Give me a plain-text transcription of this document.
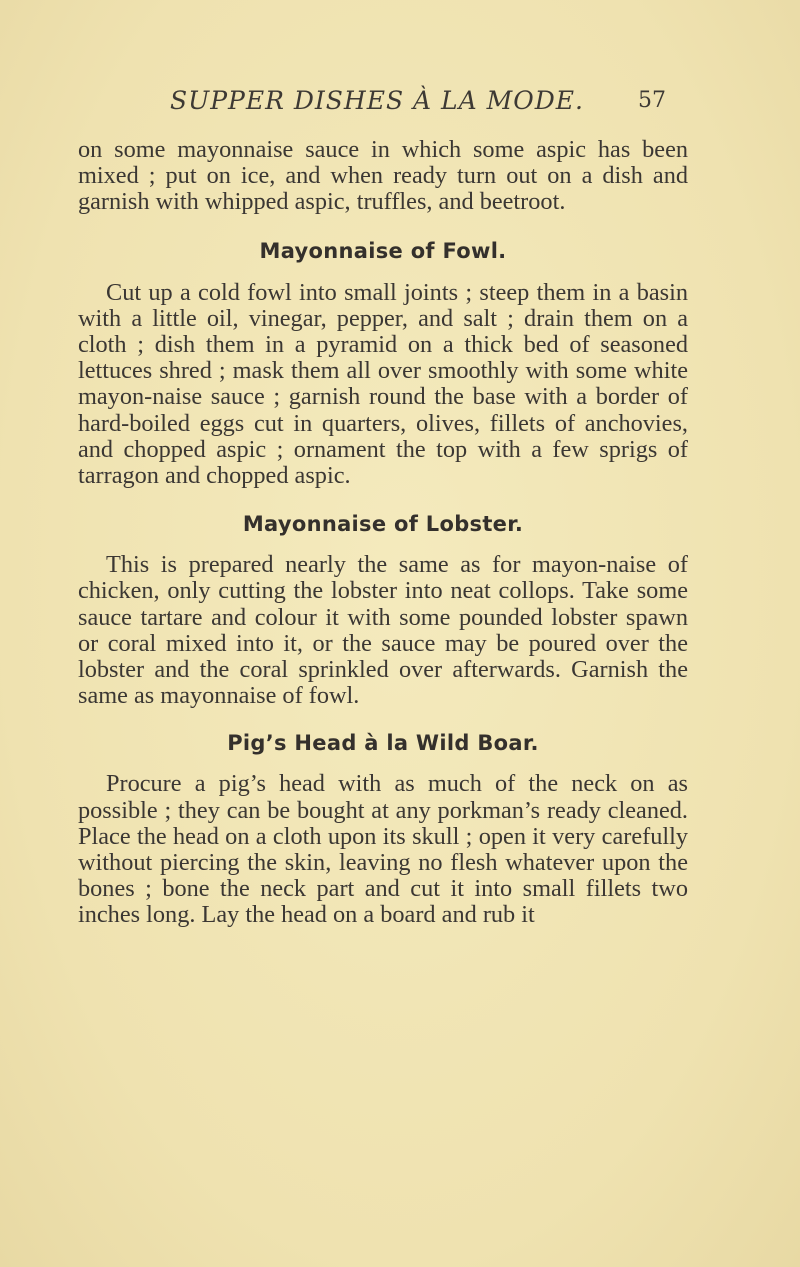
SUPPER DISHES À LA MODE. 57

on some mayonnaise sauce in which some aspic has been mixed ; put on ice, and when ready turn out on a dish and garnish with whipped aspic, truffles, and beetroot.

Mayonnaise of Fowl.

Cut up a cold fowl into small joints ; steep them in a basin with a little oil, vinegar, pepper, and salt ; drain them on a cloth ; dish them in a pyramid on a thick bed of seasoned lettuces shred ; mask them all over smoothly with some white mayon-naise sauce ; garnish round the base with a border of hard-boiled eggs cut in quarters, olives, fillets of anchovies, and chopped aspic ; ornament the top with a few sprigs of tarragon and chopped aspic.

Mayonnaise of Lobster.

This is prepared nearly the same as for mayon-naise of chicken, only cutting the lobster into neat collops. Take some sauce tartare and colour it with some pounded lobster spawn or coral mixed into it, or the sauce may be poured over the lobster and the coral sprinkled over afterwards. Garnish the same as mayonnaise of fowl.

Pig’s Head à la Wild Boar.

Procure a pig’s head with as much of the neck on as possible ; they can be bought at any porkman’s ready cleaned. Place the head on a cloth upon its skull ; open it very carefully without piercing the skin, leaving no flesh whatever upon the bones ; bone the neck part and cut it into small fillets two inches long. Lay the head on a board and rub it
